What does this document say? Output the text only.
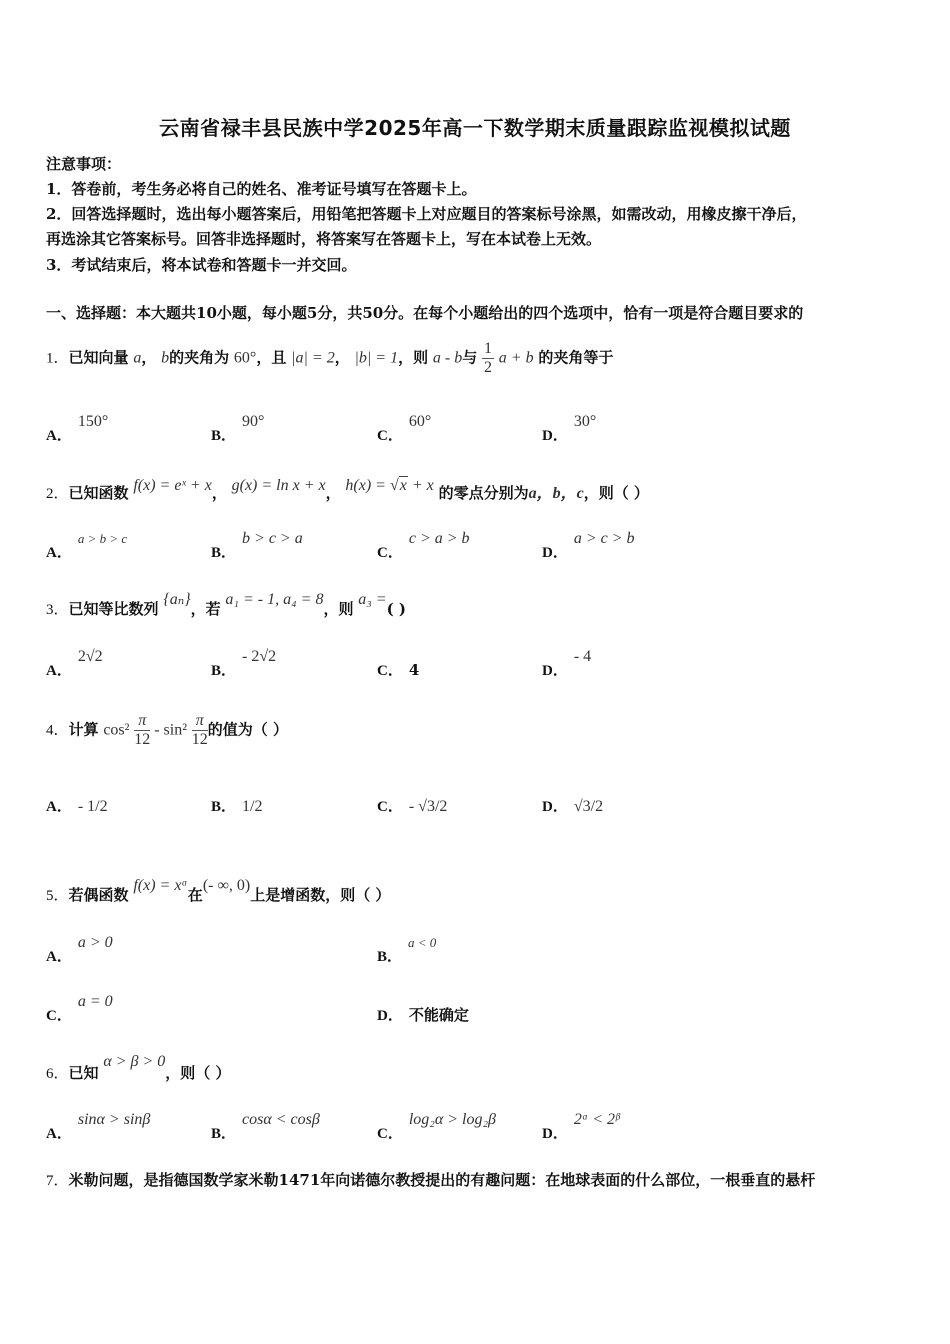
云南省禄丰县民族中学2025年高一下数学期末质量跟踪监视模拟试题
注意事项：
1．答卷前，考生务必将自己的姓名、准考证号填写在答题卡上。
2．回答选择题时，选出每小题答案后，用铅笔把答题卡上对应题目的答案标号涂黑，如需改动，用橡皮擦干净后，
再选涂其它答案标号。回答非选择题时，将答案写在答题卡上，写在本试卷上无效。
3．考试结束后，将本试卷和答题卡一并交回。
一、选择题：本大题共10小题，每小题5分，共50分。在每个小题给出的四个选项中，恰有一项是符合题目要求的
1．已知向量 a， b的夹角为 60°，且 |a| = 2， |b| = 1，则 a - b与 $\frac{1}{2}$ a + b 的夹角等于
A．150°
B．90°
C．60°
D．30°
2．已知函数 f(x) = eˣ + x， g(x) = ln x + x， h(x) = √x + x 的零点分别为a，b，c，则（ ）
A．a > b > c
B．b > c > a
C．c > a > b
D．a > c > b
3．已知等比数列 {aₙ}，若 a₁ = - 1, a₄ = 8，则 a₃ =( )
A．2√2
B．- 2√2
C． 4	D．- 4
4．计算 $\cos^2 \frac{\pi}{12} - \sin^2 \frac{\pi}{12}$ 的值为（ ）
A． - 1/2	B． 1/2	C． - √3/2	D． √3/2
5．若偶函数 f(x) = xᵅ在(- ∞, 0)上是增函数，则（ ）
A．a > 0
B．a < 0
C．a = 0
D． 不能确定
6．已知 α > β > 0，则（ ）
A．sinα > sinβ
B．cosα < cosβ
C．log₂α > log₂β
D．2ᵅ < 2ᵝ
7．米勒问题，是指德国数学家米勒1471年向诺德尔教授提出的有趣问题：在地球表面的什么部位，一根垂直的悬杆
